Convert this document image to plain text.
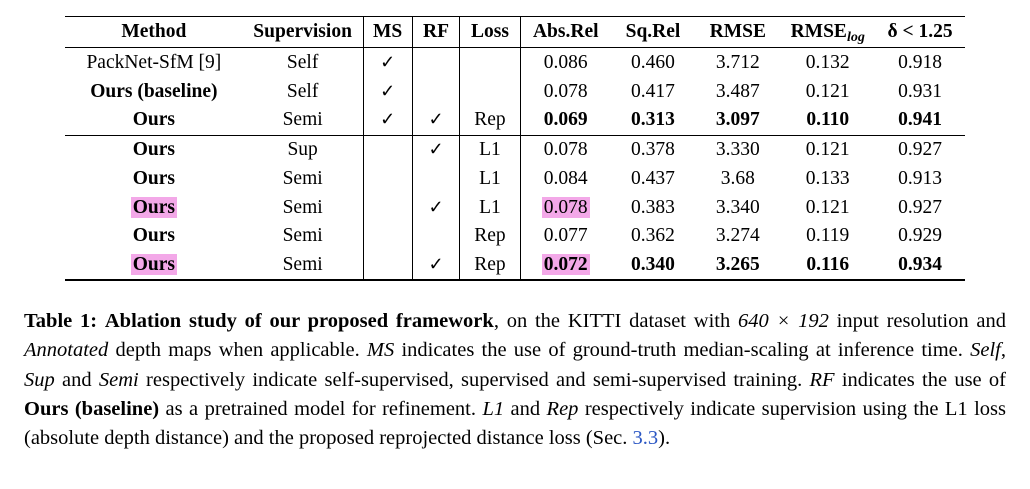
Method	Supervision	MS	RF	Loss	Abs.Rel	Sq.Rel	RMSE	$RMSE_{log}$	δ < 1.25
PackNet-SfM [9]	Self	✓			0.086	0.460	3.712	0.132	0.918
Ours (baseline)	Self	✓			0.078	0.417	3.487	0.121	0.931
Ours	Semi	✓	✓	Rep	0.069	0.313	3.097	0.110	0.941
Ours	Sup		✓	L1	0.078	0.378	3.330	0.121	0.927
Ours	Semi			L1	0.084	0.437	3.68	0.133	0.913
Ours	Semi		✓	L1	0.078	0.383	3.340	0.121	0.927
Ours	Semi			Rep	0.077	0.362	3.274	0.119	0.929
Ours	Semi		✓	Rep	0.072	0.340	3.265	0.116	0.934
Table 1: Ablation study of our proposed framework, on the KITTI dataset with 640 × 192 input resolution and Annotated depth maps when applicable. MS indicates the use of ground-truth median-scaling at inference time. Self, Sup and Semi respectively indicate self-supervised, supervised and semi-supervised training. RF indicates the use of Ours (baseline) as a pretrained model for refinement. L1 and Rep respectively indicate supervision using the L1 loss (absolute depth distance) and the proposed reprojected distance loss (Sec. 3.3).
